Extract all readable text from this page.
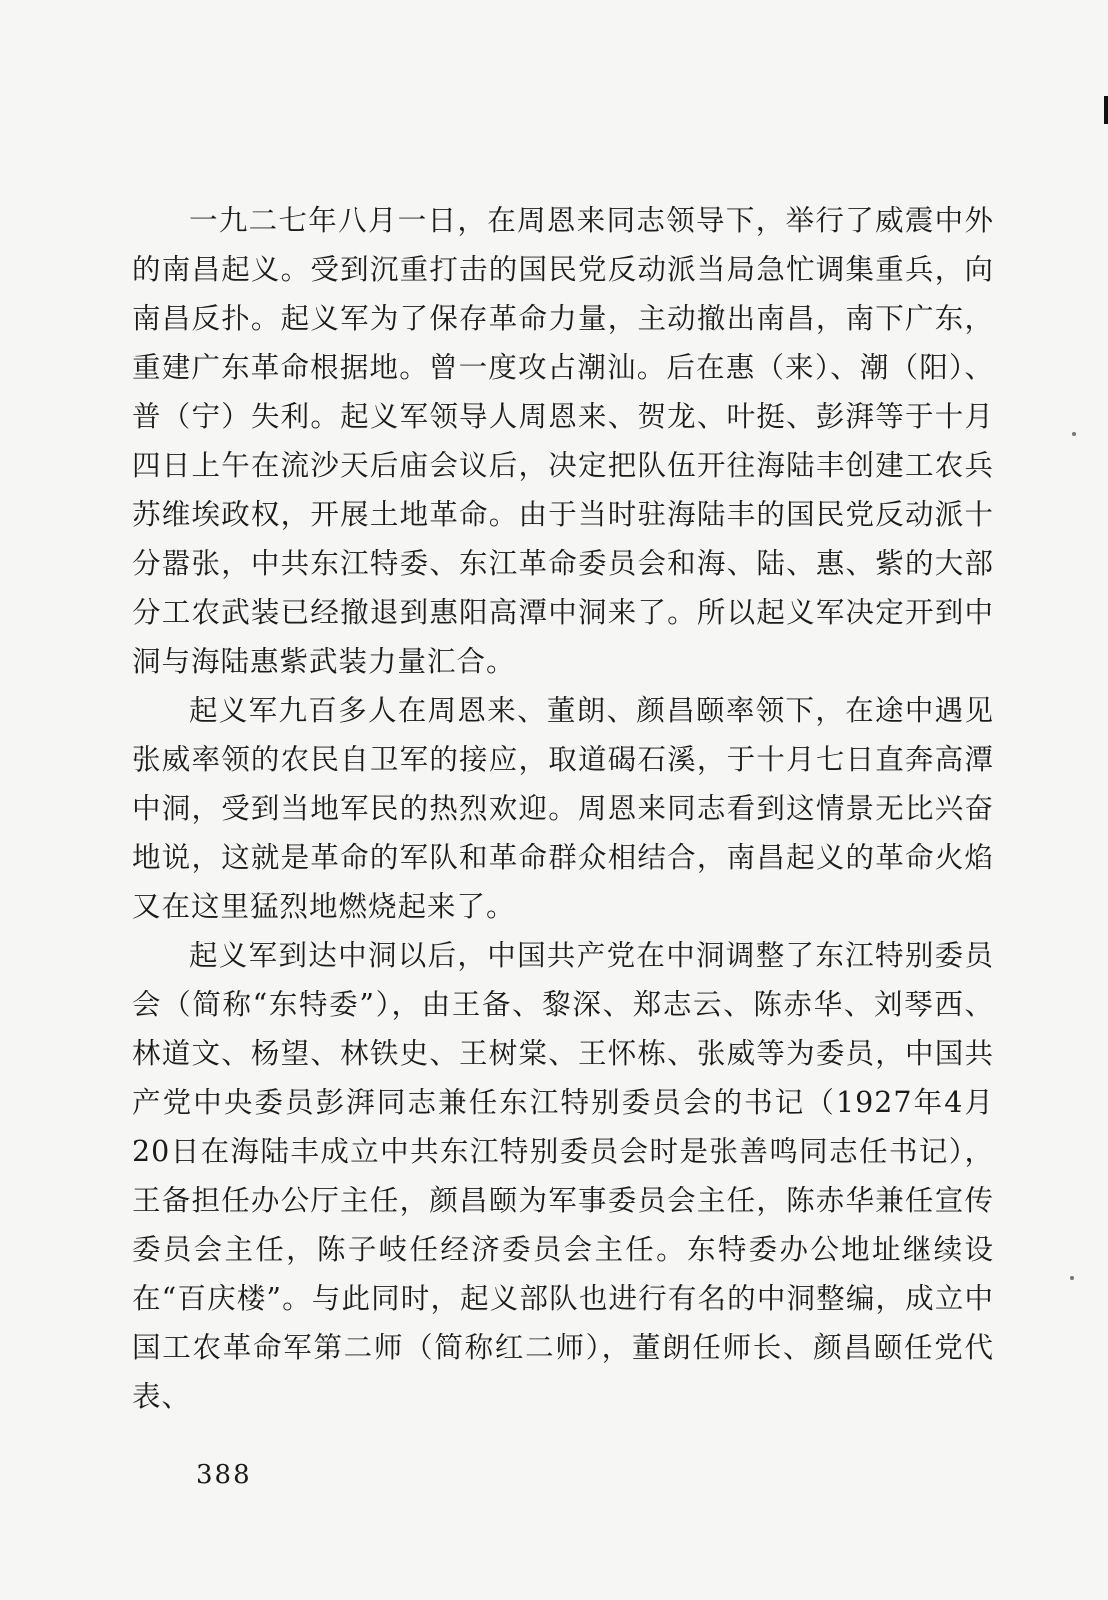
一九二七年八月一日，在周恩来同志领导下，举行了威震中外的南昌起义。受到沉重打击的国民党反动派当局急忙调集重兵，向南昌反扑。起义军为了保存革命力量，主动撤出南昌，南下广东，重建广东革命根据地。曾一度攻占潮汕。后在惠（来）、潮（阳）、普（宁）失利。起义军领导人周恩来、贺龙、叶挺、彭湃等于十月四日上午在流沙天后庙会议后，决定把队伍开往海陆丰创建工农兵苏维埃政权，开展土地革命。由于当时驻海陆丰的国民党反动派十分嚣张，中共东江特委、东江革命委员会和海、陆、惠、紫的大部分工农武装已经撤退到惠阳高潭中洞来了。所以起义军决定开到中洞与海陆惠紫武装力量汇合。

起义军九百多人在周恩来、董朗、颜昌颐率领下，在途中遇见张威率领的农民自卫军的接应，取道碣石溪，于十月七日直奔高潭中洞，受到当地军民的热烈欢迎。周恩来同志看到这情景无比兴奋地说，这就是革命的军队和革命群众相结合，南昌起义的革命火焰又在这里猛烈地燃烧起来了。

起义军到达中洞以后，中国共产党在中洞调整了东江特别委员会（简称“东特委”），由王备、黎深、郑志云、陈赤华、刘琴西、林道文、杨望、林铁史、王树棠、王怀栋、张威等为委员，中国共产党中央委员彭湃同志兼任东江特别委员会的书记（1927年4月20日在海陆丰成立中共东江特别委员会时是张善鸣同志任书记），王备担任办公厅主任，颜昌颐为军事委员会主任，陈赤华兼任宣传委员会主任，陈子岐任经济委员会主任。东特委办公地址继续设在“百庆楼”。与此同时，起义部队也进行有名的中洞整编，成立中国工农革命军第二师（简称红二师），董朗任师长、颜昌颐任党代表、

388
